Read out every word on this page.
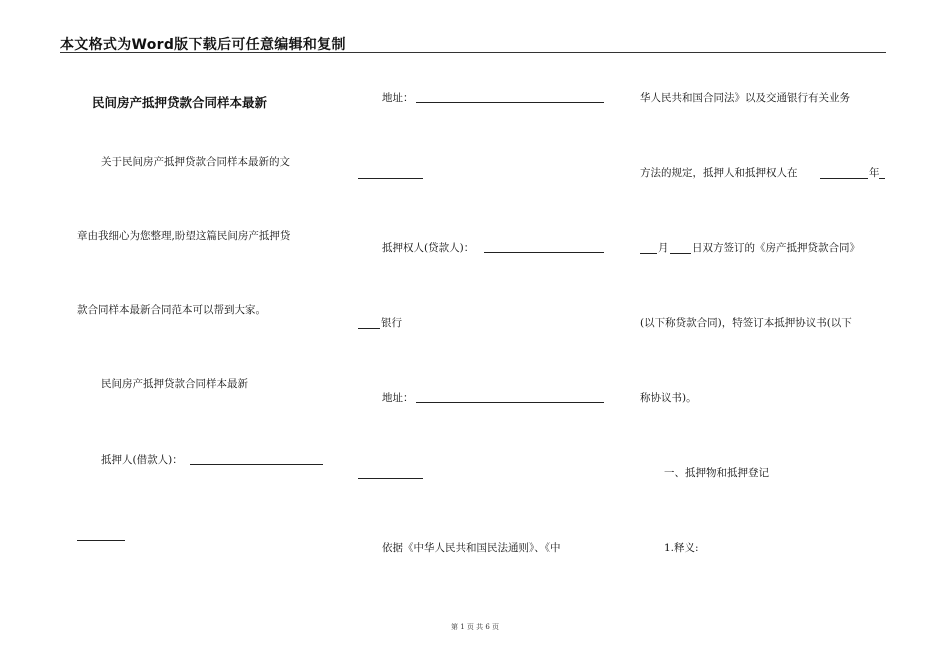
本文格式为Word版下载后可任意编辑和复制
民间房产抵押贷款合同样本最新
关于民间房产抵押贷款合同样本最新的文
章由我细心为您整理,盼望这篇民间房产抵押贷
款合同样本最新合同范本可以帮到大家。
民间房产抵押贷款合同样本最新
抵押人(借款人)：
地址：
抵押权人(贷款人)：
银行
地址：
依据《中华人民共和国民法通则》、《中
华人民共和国合同法》以及交通银行有关业务
方法的规定，抵押人和抵押权人在	年
月 日双方签订的《房产抵押贷款合同》
(以下称贷款合同)，特签订本抵押协议书(以下
称协议书)。
一、抵押物和抵押登记
1.释义:
第 1 页 共 6 页
